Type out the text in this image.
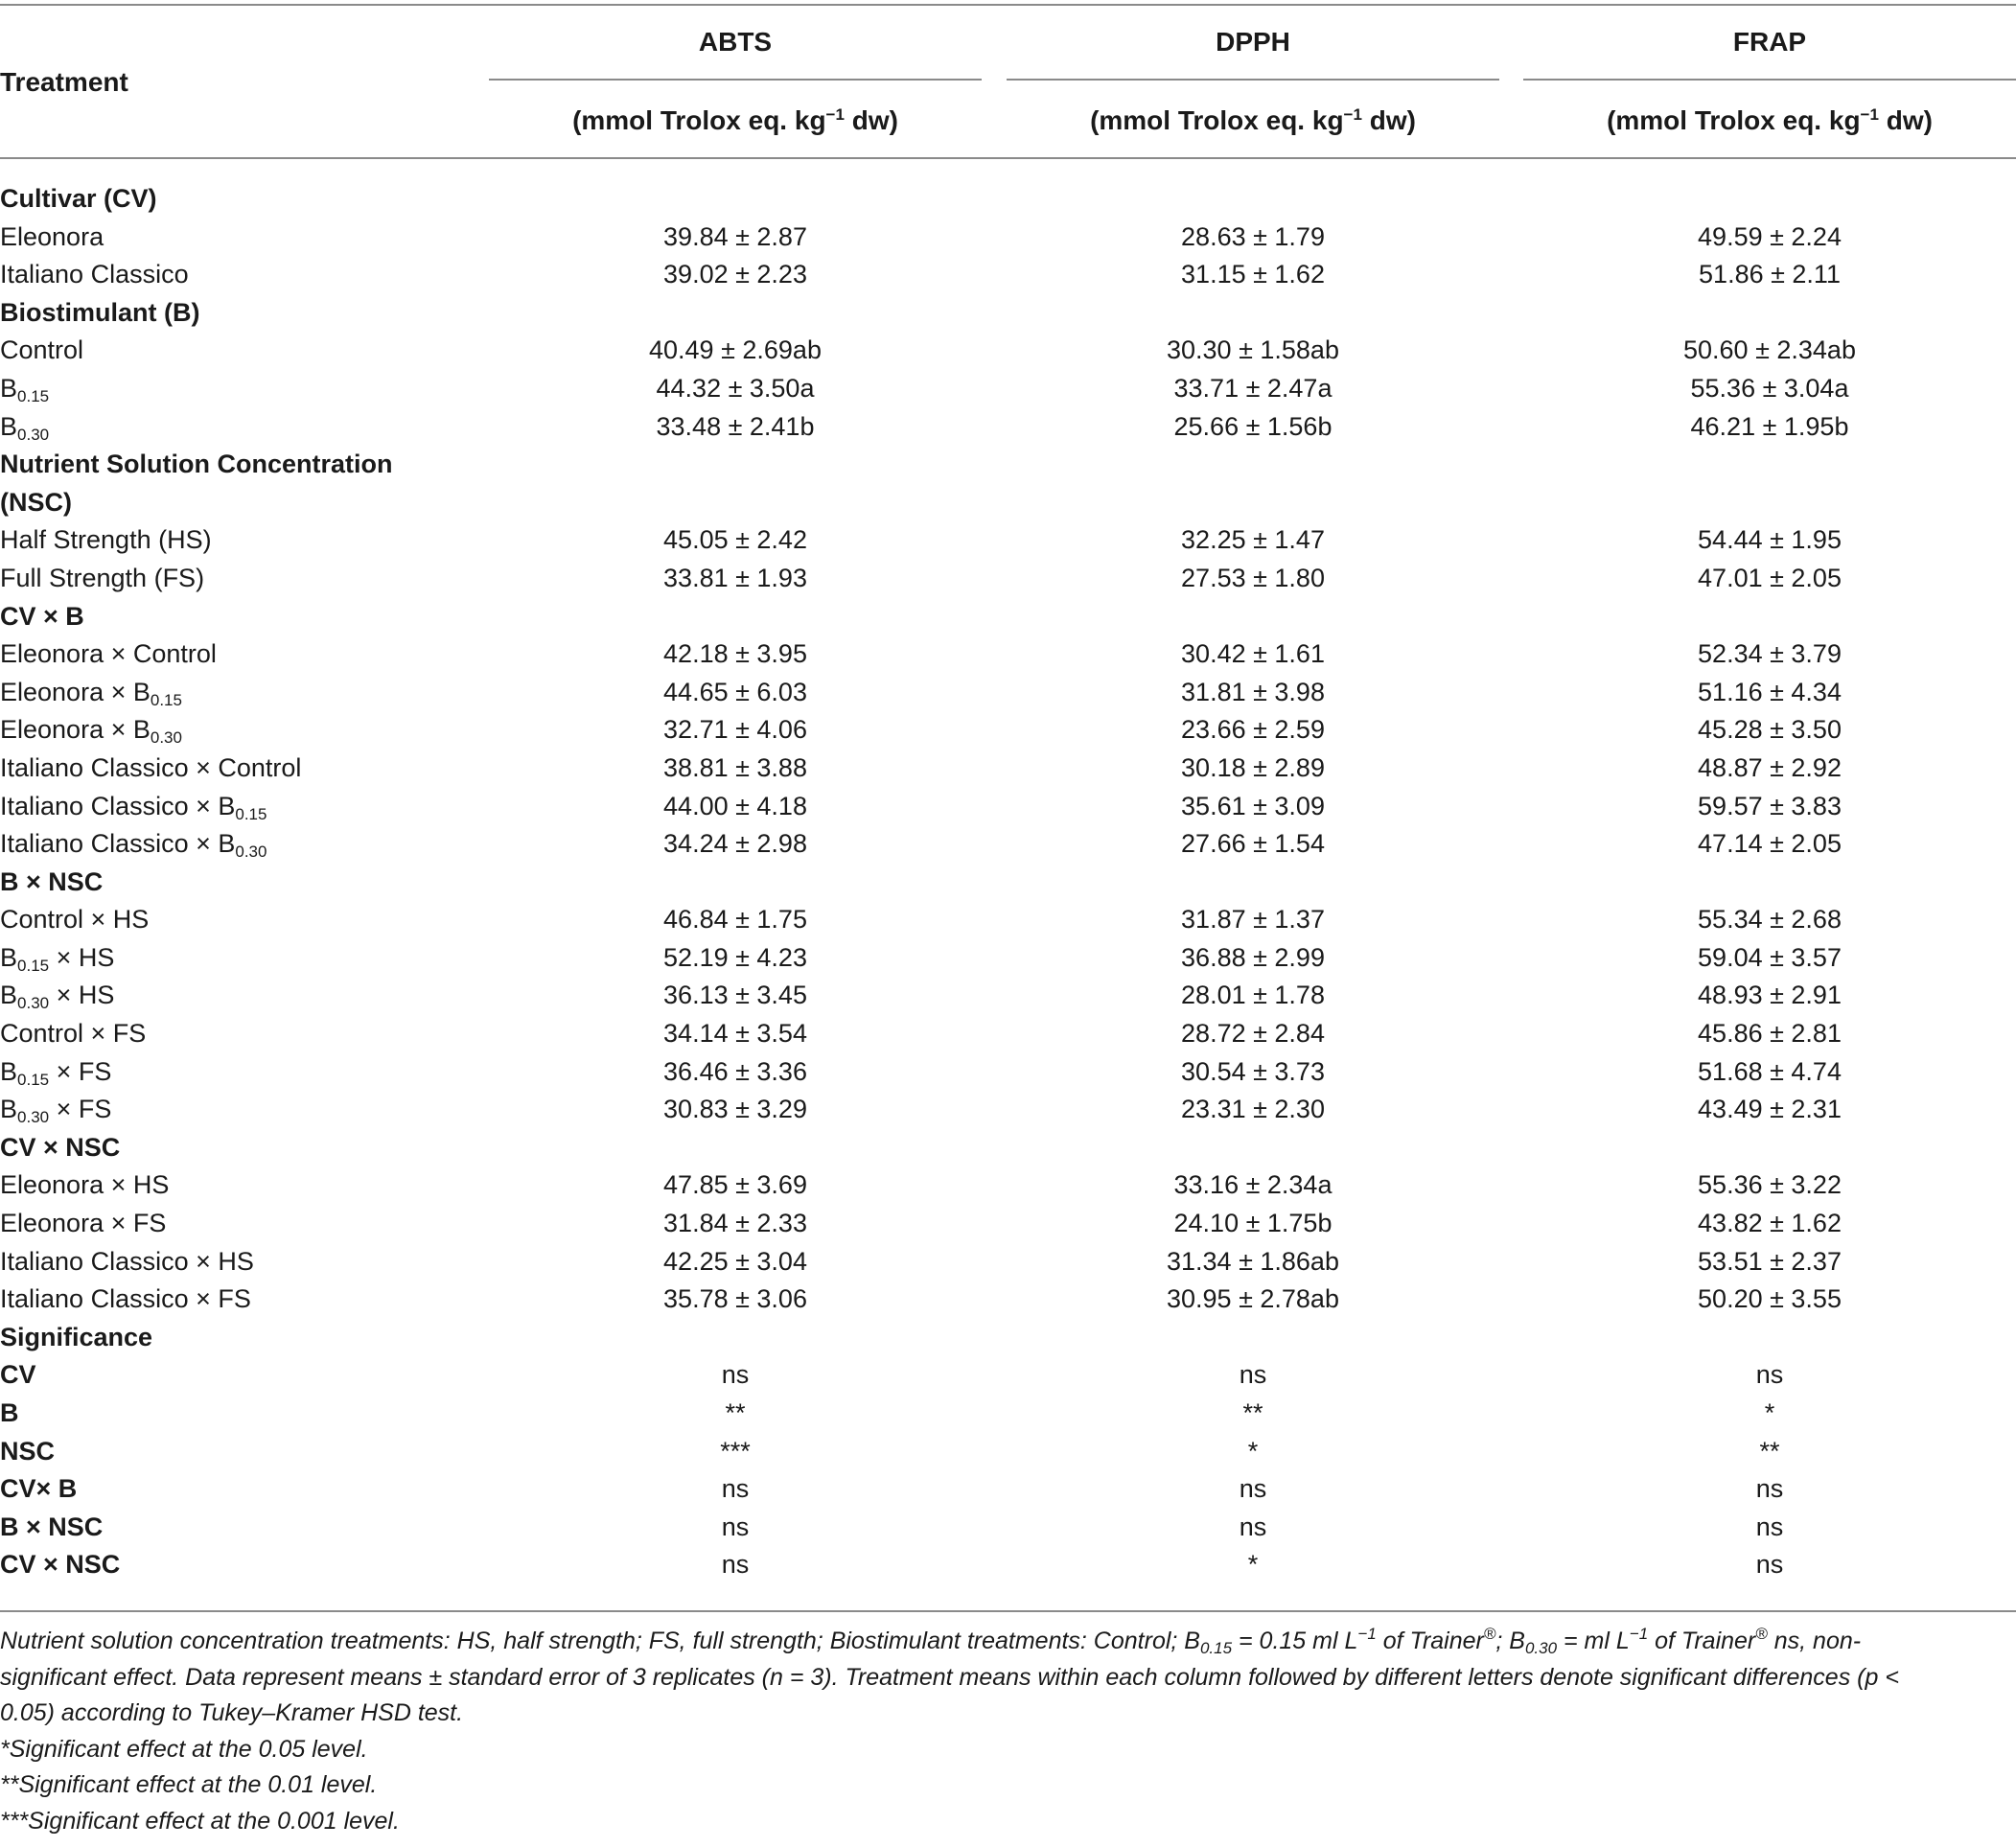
Treatment
ABTS	DPPH	FRAP
(mmol Trolox eq. $kg^{-1}$ dw)	(mmol Trolox eq. $kg^{-1}$ dw)	(mmol Trolox eq. $kg^{-1}$ dw)
Cultivar (CV)					
Eleonora	39.84 ± 2.87		28.63 ± 1.79		49.59 ± 2.24
Italiano Classico	39.02 ± 2.23		31.15 ± 1.62		51.86 ± 2.11
Biostimulant (B)					
Control	40.49 ± 2.69ab		30.30 ± 1.58ab		50.60 ± 2.34ab
$B_{0.15}$	44.32 ± 3.50a		33.71 ± 2.47a		55.36 ± 3.04a
$B_{0.30}$	33.48 ± 2.41b		25.66 ± 1.56b		46.21 ± 1.95b
Nutrient Solution Concentration					
(NSC)					
Half Strength (HS)	45.05 ± 2.42		32.25 ± 1.47		54.44 ± 1.95
Full Strength (FS)	33.81 ± 1.93		27.53 ± 1.80		47.01 ± 2.05
CV × B					
Eleonora × Control	42.18 ± 3.95		30.42 ± 1.61		52.34 ± 3.79
Eleonora × $B_{0.15}$	44.65 ± 6.03		31.81 ± 3.98		51.16 ± 4.34
Eleonora × $B_{0.30}$	32.71 ± 4.06		23.66 ± 2.59		45.28 ± 3.50
Italiano Classico × Control	38.81 ± 3.88		30.18 ± 2.89		48.87 ± 2.92
Italiano Classico × $B_{0.15}$	44.00 ± 4.18		35.61 ± 3.09		59.57 ± 3.83
Italiano Classico × $B_{0.30}$	34.24 ± 2.98		27.66 ± 1.54		47.14 ± 2.05
B × NSC					
Control × HS	46.84 ± 1.75		31.87 ± 1.37		55.34 ± 2.68
$B_{0.15}$ × HS	52.19 ± 4.23		36.88 ± 2.99		59.04 ± 3.57
$B_{0.30}$ × HS	36.13 ± 3.45		28.01 ± 1.78		48.93 ± 2.91
Control × FS	34.14 ± 3.54		28.72 ± 2.84		45.86 ± 2.81
$B_{0.15}$ × FS	36.46 ± 3.36		30.54 ± 3.73		51.68 ± 4.74
$B_{0.30}$ × FS	30.83 ± 3.29		23.31 ± 2.30		43.49 ± 2.31
CV × NSC					
Eleonora × HS	47.85 ± 3.69		33.16 ± 2.34a		55.36 ± 3.22
Eleonora × FS	31.84 ± 2.33		24.10 ± 1.75b		43.82 ± 1.62
Italiano Classico × HS	42.25 ± 3.04		31.34 ± 1.86ab		53.51 ± 2.37
Italiano Classico × FS	35.78 ± 3.06		30.95 ± 2.78ab		50.20 ± 3.55
Significance					
CV	ns		ns		ns
B	**		**		*
NSC	***		*		**
CV× B	ns		ns		ns
B × NSC	ns		ns		ns
CV × NSC	ns		*		ns

Nutrient solution concentration treatments: HS, half strength; FS, full strength; Biostimulant treatments: Control; $B_{0.15} = 0.15$ ml $L^{-1}$ of Trainer®; $B_{0.30}$ = ml $L^{-1}$ of Trainer® ns, non-significant effect. Data represent means ± standard error of 3 replicates (n = 3). Treatment means within each column followed by different letters denote significant differences (p < 0.05) according to Tukey–Kramer HSD test.

*Significant effect at the 0.05 level.

**Significant effect at the 0.01 level.

***Significant effect at the 0.001 level.
